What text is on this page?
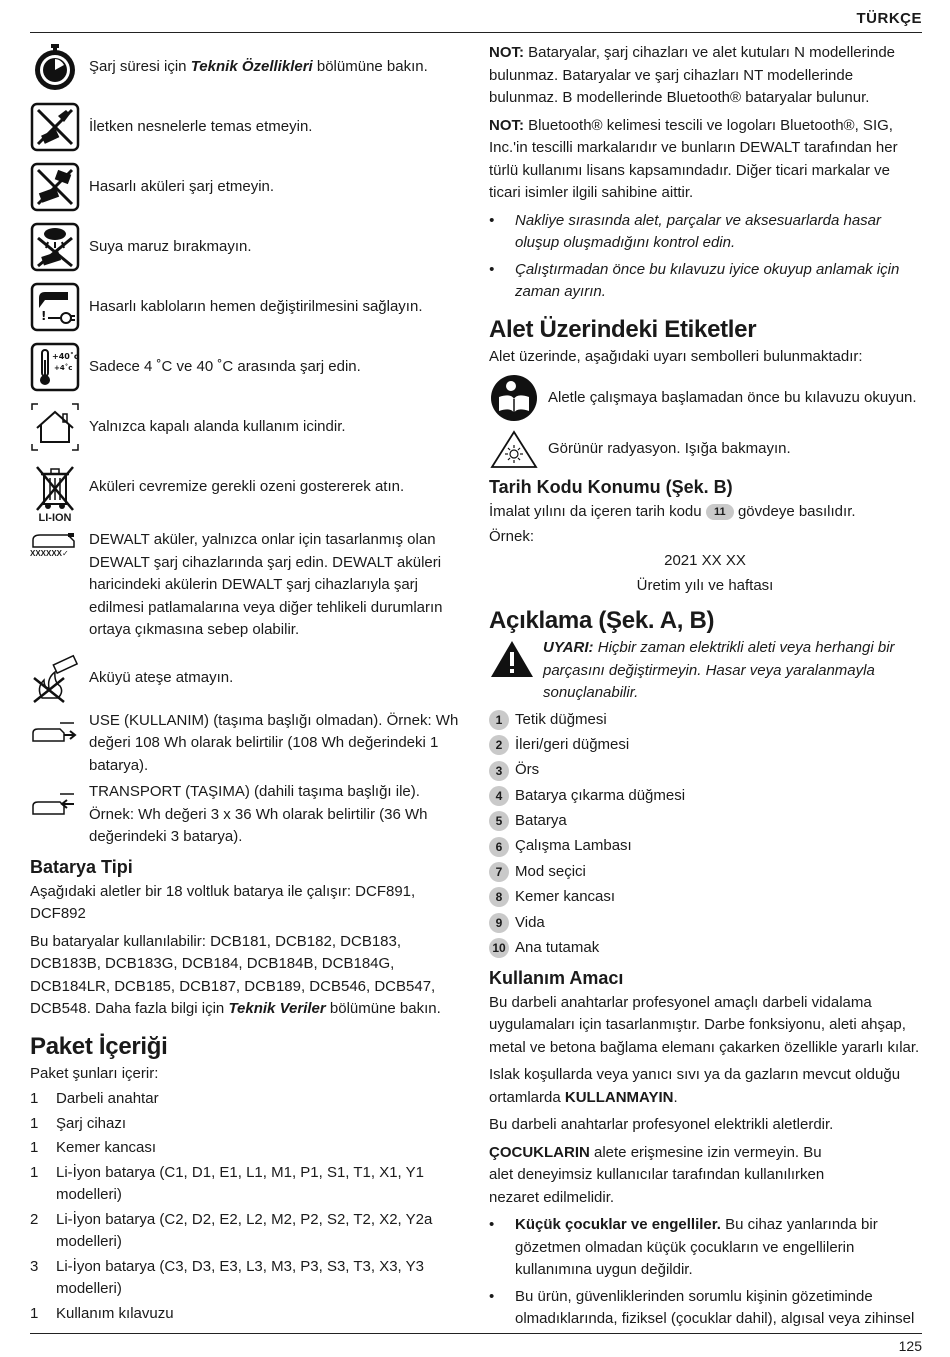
TÜRKÇE
Şarj süresi için Teknik Özellikleri bölümüne bakın.
İletken nesnelerle temas etmeyin.
Hasarlı aküleri şarj etmeyin.
Suya maruz bırakmayın.
!
Hasarlı kabloların hemen değiştirilmesini sağlayın.
+40˚c
+4˚c Sadece 4 ˚C ve 40 ˚C arasında şarj edin.
Yalnızca kapalı alanda kullanım icindir.
LI-ION
Aküleri cevremize gerekli ozeni gostererek atın.
XXXXXX✓
DEWALT aküler, yalnızca onlar için tasarlanmış olan DEWALT şarj cihazlarında şarj edin. DEWALT aküleri haricindeki akülerin DEWALT şarj cihazlarıyla şarj edilmesi patlamalarına veya diğer tehlikeli durumların ortaya çıkmasına sebep olabilir.
Aküyü ateşe atmayın.
USE (KULLANIM) (taşıma başlığı olmadan). Örnek: Wh değeri 108 Wh olarak belirtilir (108 Wh değerindeki 1 batarya).
TRANSPORT (TAŞIMA) (dahili taşıma başlığı ile). Örnek: Wh değeri 3 x 36 Wh olarak belirtilir (36 Wh değerindeki 3 batarya).
Batarya Tipi

Aşağıdaki aletler bir 18 voltluk batarya ile çalışır: DCF891, DCF892

Bu bataryalar kullanılabilir: DCB181, DCB182, DCB183, DCB183B, DCB183G, DCB184, DCB184B, DCB184G, DCB184LR, DCB185, DCB187, DCB189, DCB546, DCB547, DCB548. Daha fazla bilgi için Teknik Veriler bölümüne bakın.

Paket İçeriği

Paket şunları içerir:

1	Darbeli anahtar
1	Şarj cihazı
1	Kemer kancası
1	Li-İyon batarya (C1, D1, E1, L1, M1, P1, S1, T1, X1, Y1 modelleri)
2	Li-İyon batarya (C2, D2, E2, L2, M2, P2, S2, T2, X2, Y2a modelleri)
3	Li-İyon batarya (C3, D3, E3, L3, M3, P3, S3, T3, X3, Y3 modelleri)
1	Kullanım kılavuzu

NOT: Bataryalar, şarj cihazları ve alet kutuları N modellerinde bulunmaz. Bataryalar ve şarj cihazları NT modellerinde bulunmaz. B modellerinde Bluetooth® bataryalar bulunur.

NOT: Bluetooth® kelimesi tescili ve logoları Bluetooth®, SIG, Inc.'in tescilli markalarıdır ve bunların DEWALT tarafından her türlü kullanımı lisans kapsamındadır. Diğer ticari markalar ve ticari isimler ilgili sahibine aittir.

•	Nakliye sırasında alet, parçalar ve aksesuarlarda hasar oluşup oluşmadığını kontrol edin.
•	Çalıştırmadan önce bu kılavuzu iyice okuyup anlamak için zaman ayırın.
Alet Üzerindeki Etiketler

Alet üzerinde, aşağıdaki uyarı sembolleri bulunmaktadır:

Aletle çalışmaya başlamadan önce bu kılavuzu okuyun.
Görünür radyasyon. Işığa bakmayın.
Tarih Kodu Konumu (Şek. B)

İmalat yılını da içeren tarih kodu 11 gövdeye basılıdır.

Örnek:

2021 XX XX

Üretim yılı ve haftası

Açıklama (Şek. A, B)
UYARI: Hiçbir zaman elektrikli aleti veya herhangi bir parçasını değiştirmeyin. Hasar veya yaralanmayla sonuçlanabilir.
1 Tetik düğmesi
2 İleri/geri düğmesi
3 Örs
4 Batarya çıkarma düğmesi
5 Batarya
6 Çalışma Lambası
7 Mod seçici
8 Kemer kancası
9 Vida
10 Ana tutamak
Kullanım Amacı

Bu darbeli anahtarlar profesyonel amaçlı darbeli vidalama uygulamaları için tasarlanmıştır. Darbe fonksiyonu, aleti ahşap, metal ve betona bağlama elemanı çakarken özellikle yararlı kılar.

Islak koşullarda veya yanıcı sıvı ya da gazların mevcut olduğu ortamlarda KULLANMAYIN.

Bu darbeli anahtarlar profesyonel elektrikli aletlerdir.

ÇOCUKLARIN alete erişmesine izin vermeyin. Bu alet deneyimsiz kullanıcılar tarafından kullanılırken nezaret edilmelidir.

•	Küçük çocuklar ve engelliler. Bu cihaz yanlarında bir gözetmen olmadan küçük çocukların ve engellilerin kullanımına uygun değildir.
•	Bu ürün, güvenliklerinden sorumlu kişinin gözetiminde olmadıklarında, fiziksel (çocuklar dahil), algısal veya zihinsel
125
